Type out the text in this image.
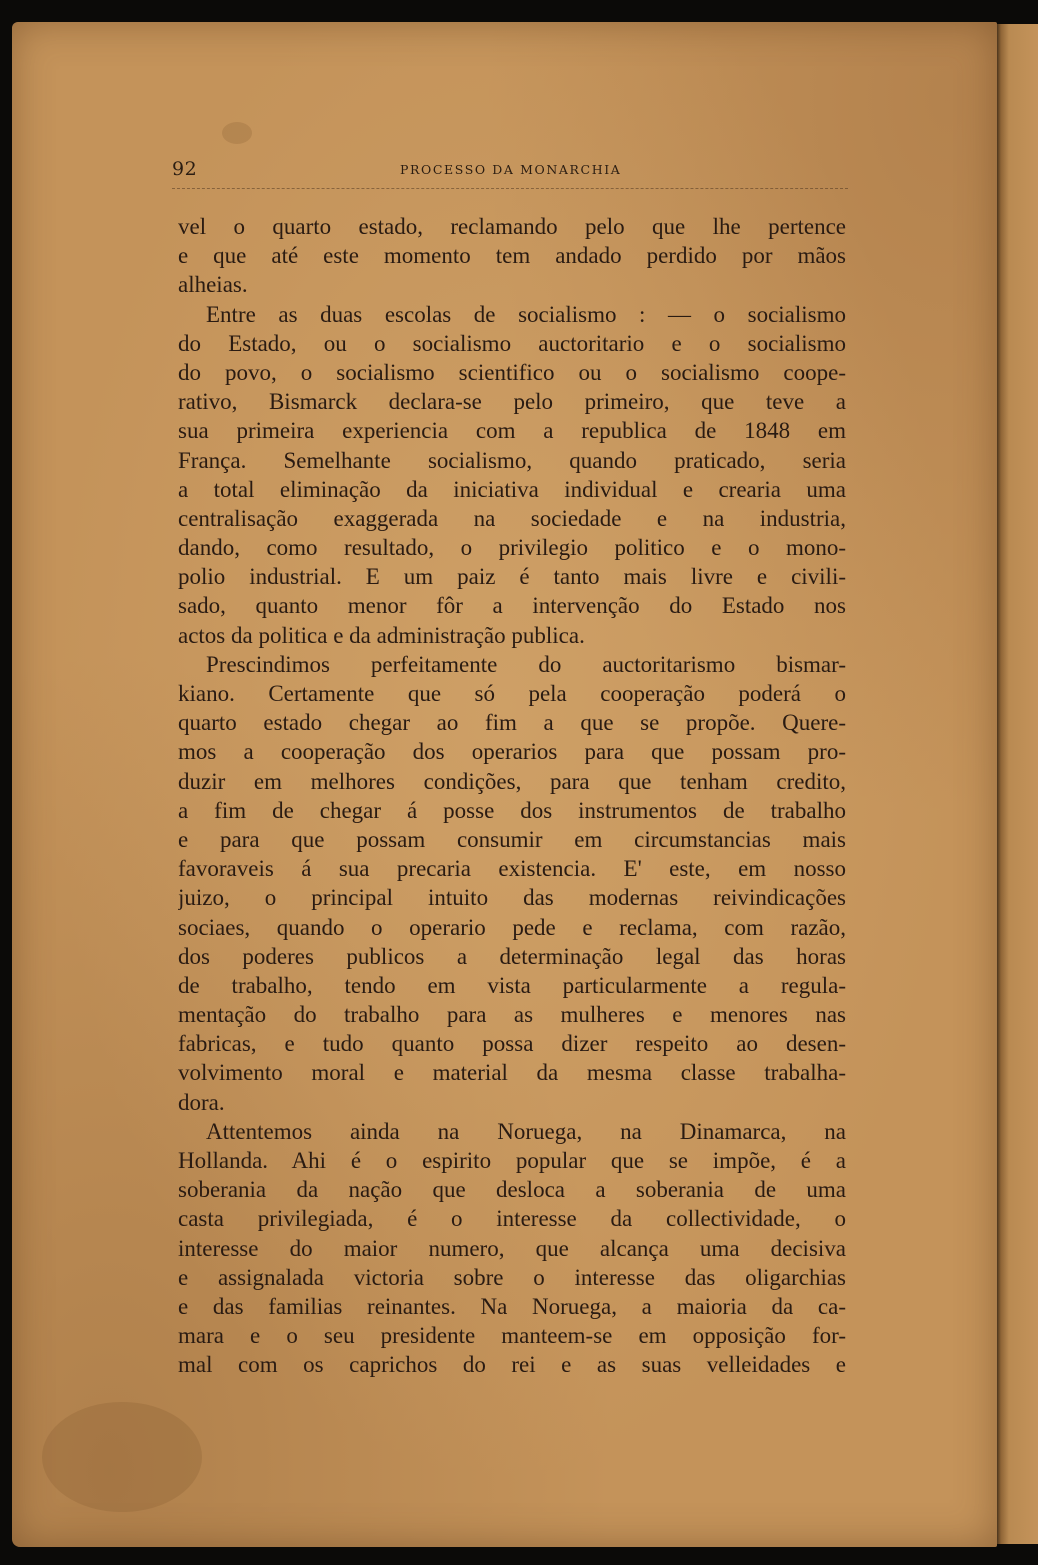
92	PROCESSO DA MONARCHIA
vel o quarto estado, reclamando pelo que lhe pertence
e que até este momento tem andado perdido por mãos
alheias.
Entre as duas escolas de socialismo : — o socialismo
do Estado, ou o socialismo auctoritario e o socialismo
do povo, o socialismo scientifico ou o socialismo coope-
rativo, Bismarck declara-se pelo primeiro, que teve a
sua primeira experiencia com a republica de 1848 em
França. Semelhante socialismo, quando praticado, seria
a total eliminação da iniciativa individual e crearia uma
centralisação exaggerada na sociedade e na industria,
dando, como resultado, o privilegio politico e o mono-
polio industrial. E um paiz é tanto mais livre e civili-
sado, quanto menor fôr a intervenção do Estado nos
actos da politica e da administração publica.
Prescindimos perfeitamente do auctoritarismo bismar-
kiano. Certamente que só pela cooperação poderá o
quarto estado chegar ao fim a que se propõe. Quere-
mos a cooperação dos operarios para que possam pro-
duzir em melhores condições, para que tenham credito,
a fim de chegar á posse dos instrumentos de trabalho
e para que possam consumir em circumstancias mais
favoraveis á sua precaria existencia. E' este, em nosso
juizo, o principal intuito das modernas reivindicações
sociaes, quando o operario pede e reclama, com razão,
dos poderes publicos a determinação legal das horas
de trabalho, tendo em vista particularmente a regula-
mentação do trabalho para as mulheres e menores nas
fabricas, e tudo quanto possa dizer respeito ao desen-
volvimento moral e material da mesma classe trabalha-
dora.
Attentemos ainda na Noruega, na Dinamarca, na
Hollanda. Ahi é o espirito popular que se impõe, é a
soberania da nação que desloca a soberania de uma
casta privilegiada, é o interesse da collectividade, o
interesse do maior numero, que alcança uma decisiva
e assignalada victoria sobre o interesse das oligarchias
e das familias reinantes. Na Noruega, a maioria da ca-
mara e o seu presidente manteem-se em opposição for-
mal com os caprichos do rei e as suas velleidades e
